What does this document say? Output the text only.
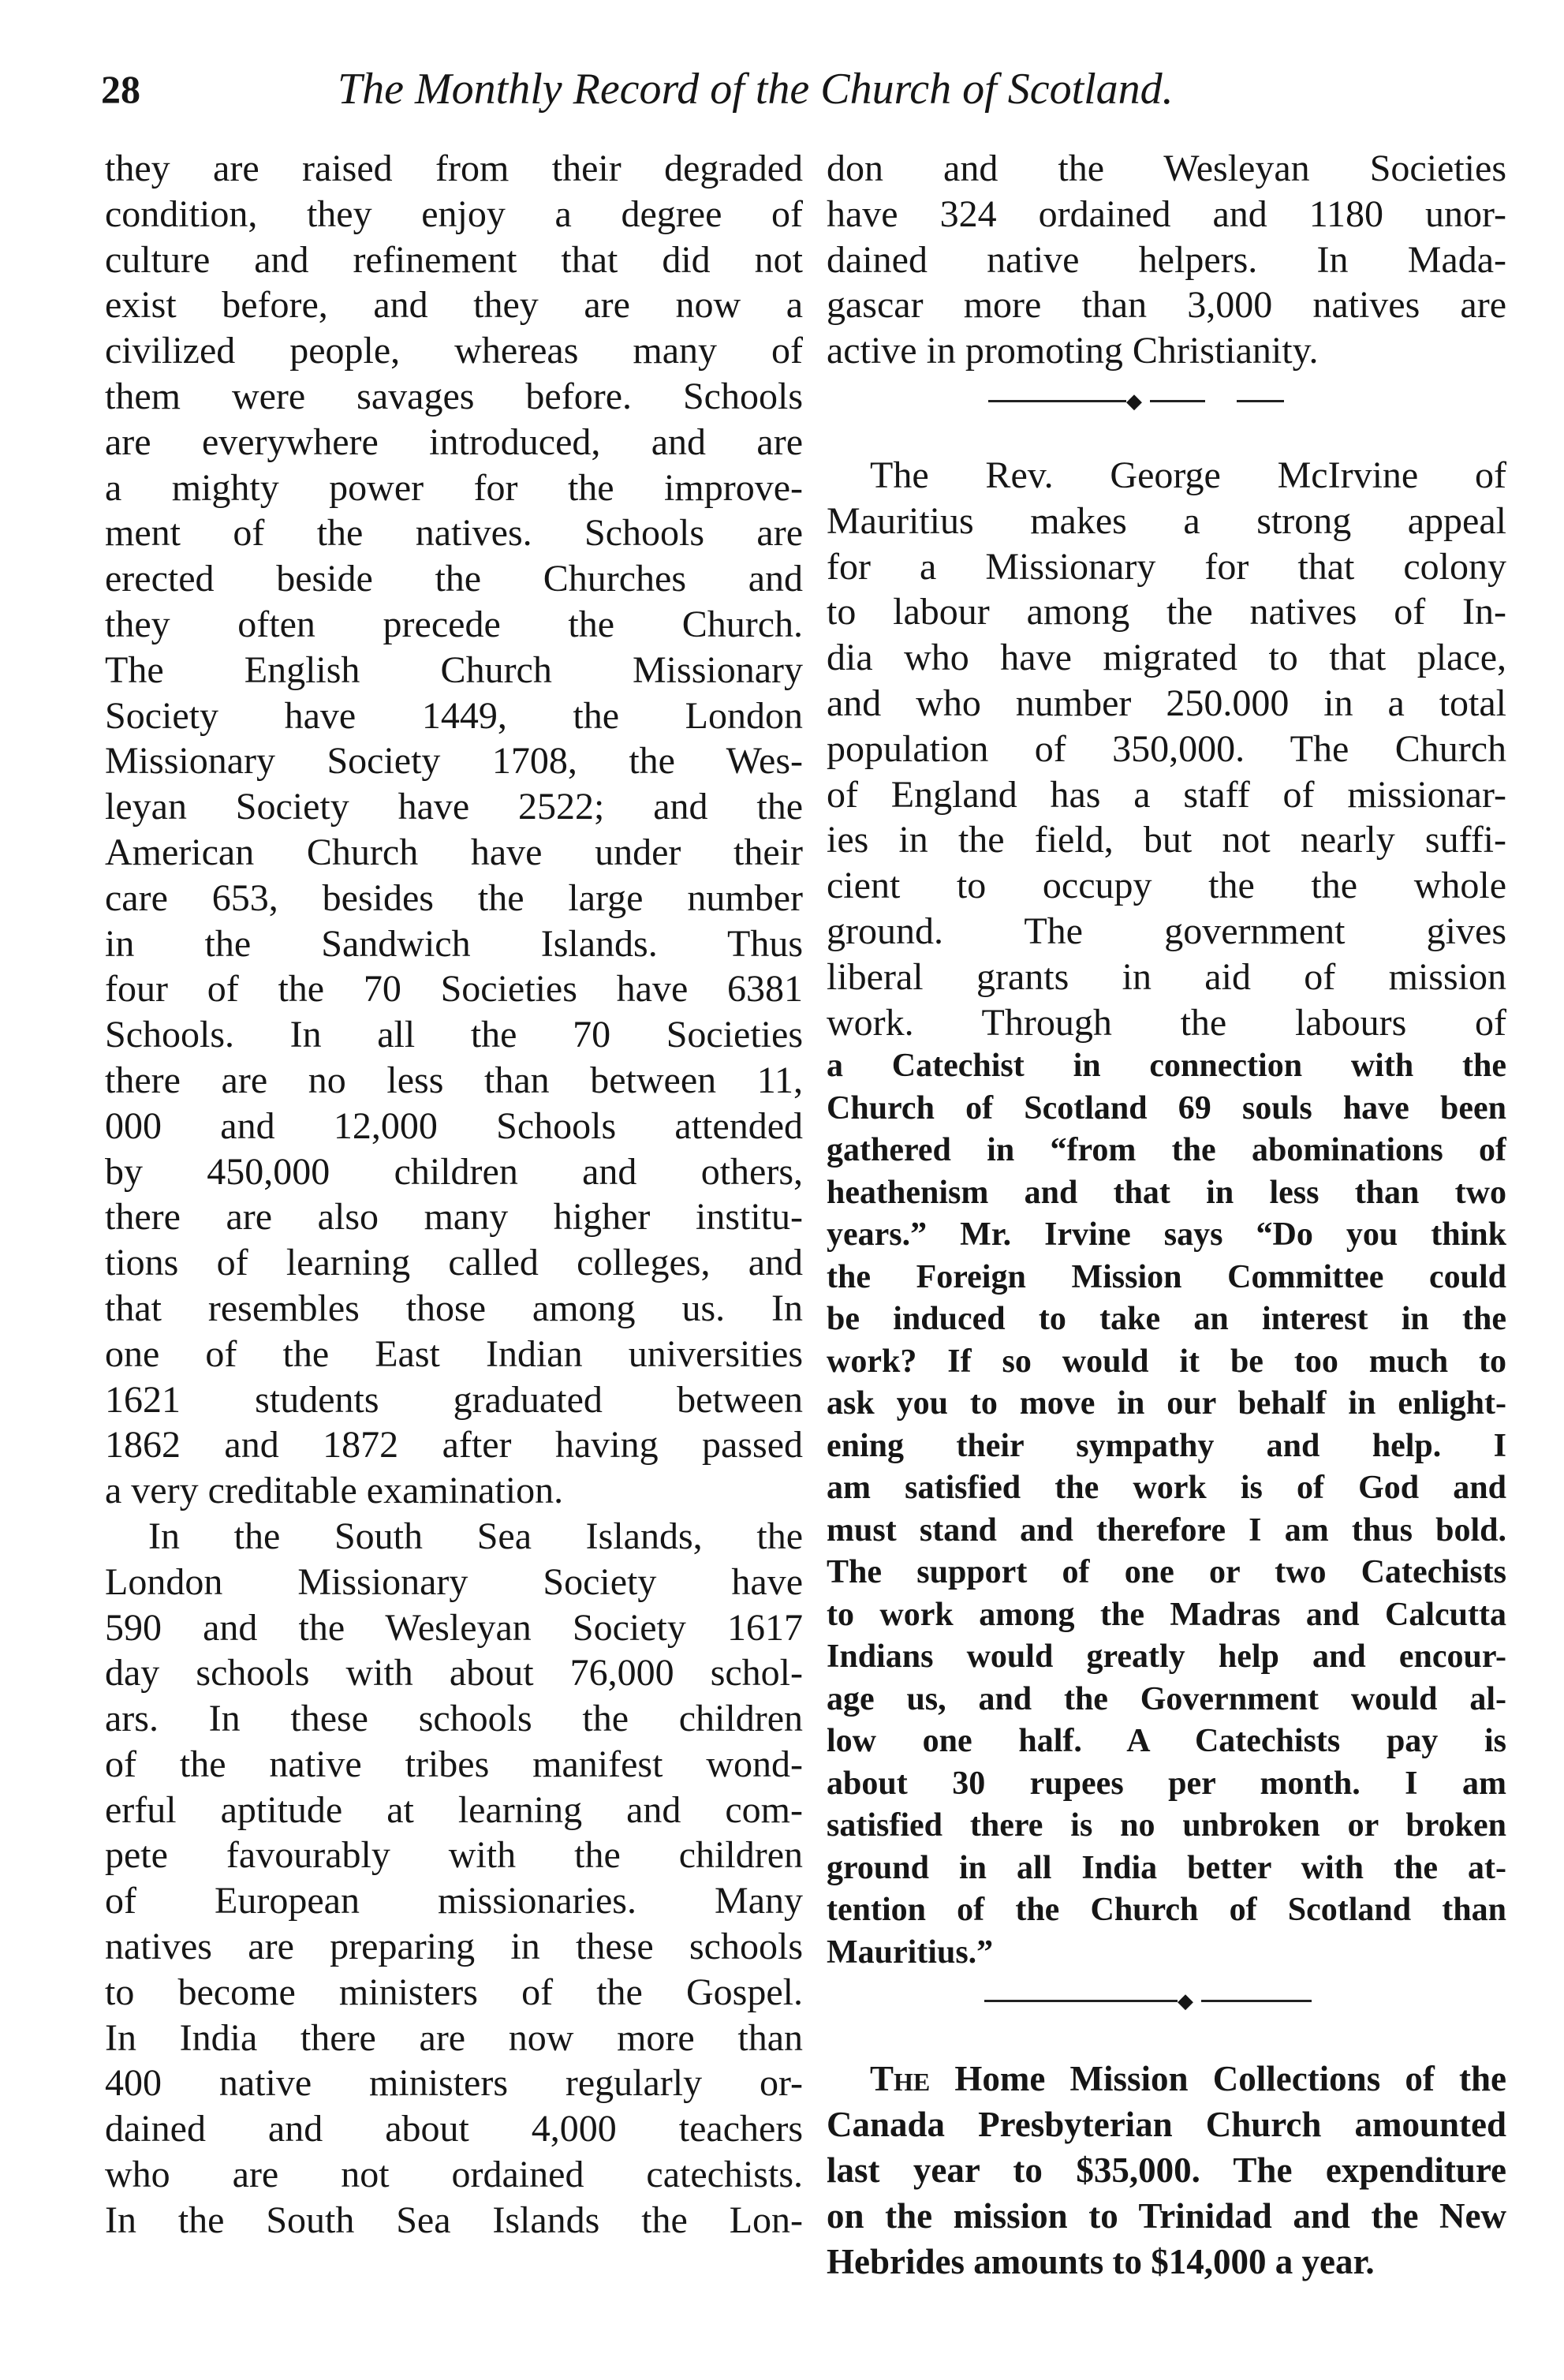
28	The Monthly Record of the Church of Scotland.
they are raised from their degraded
condition, they enjoy a degree of
culture and refinement that did not
exist before, and they are now a
civilized people, whereas many of
them were savages before. Schools
are everywhere introduced, and are
a mighty power for the improve-
ment of the natives. Schools are
erected beside the Churches and
they often precede the Church.
The English Church Missionary
Society have 1449, the London
Missionary Society 1708, the Wes-
leyan Society have 2522; and the
American Church have under their
care 653, besides the large number
in the Sandwich Islands. Thus
four of the 70 Societies have 6381
Schools. In all the 70 Societies
there are no less than between 11,
000 and 12,000 Schools attended
by 450,000 children and others,
there are also many higher institu-
tions of learning called colleges, and
that resembles those among us. In
one of the East Indian universities
1621 students graduated between
1862 and 1872 after having passed
a very creditable examination.
In the South Sea Islands, the
London Missionary Society have
590 and the Wesleyan Society 1617
day schools with about 76,000 schol-
ars. In these schools the children
of the native tribes manifest wond-
erful aptitude at learning and com-
pete favourably with the children
of European missionaries. Many
natives are preparing in these schools
to become ministers of the Gospel.
In India there are now more than
400 native ministers regularly or-
dained and about 4,000 teachers
who are not ordained catechists.
In the South Sea Islands the Lon-
don and the Wesleyan Societies
have 324 ordained and 1180 unor-
dained native helpers. In Mada-
gascar more than 3,000 natives are
active in promoting Christianity.
◆
The Rev. George McIrvine of
Mauritius makes a strong appeal
for a Missionary for that colony
to labour among the natives of In-
dia who have migrated to that place,
and who number 250.000 in a total
population of 350,000. The Church
of England has a staff of missionar-
ies in the field, but not nearly suffi-
cient to occupy the the whole
ground. The government gives
liberal grants in aid of mission
work. Through the labours of
a Catechist in connection with the
Church of Scotland 69 souls have been
gathered in “from the abominations of
heathenism and that in less than two
years.” Mr. Irvine says “Do you think
the Foreign Mission Committee could
be induced to take an interest in the
work? If so would it be too much to
ask you to move in our behalf in enlight-
ening their sympathy and help. I
am satisfied the work is of God and
must stand and therefore I am thus bold.
The support of one or two Catechists
to work among the Madras and Calcutta
Indians would greatly help and encour-
age us, and the Government would al-
low one half. A Catechists pay is
about 30 rupees per month. I am
satisfied there is no unbroken or broken
ground in all India better with the at-
tention of the Church of Scotland than
Mauritius.”
◆
The Home Mission Collections of the
Canada Presbyterian Church amounted
last year to $35,000. The expenditure
on the mission to Trinidad and the New
Hebrides amounts to $14,000 a year.
